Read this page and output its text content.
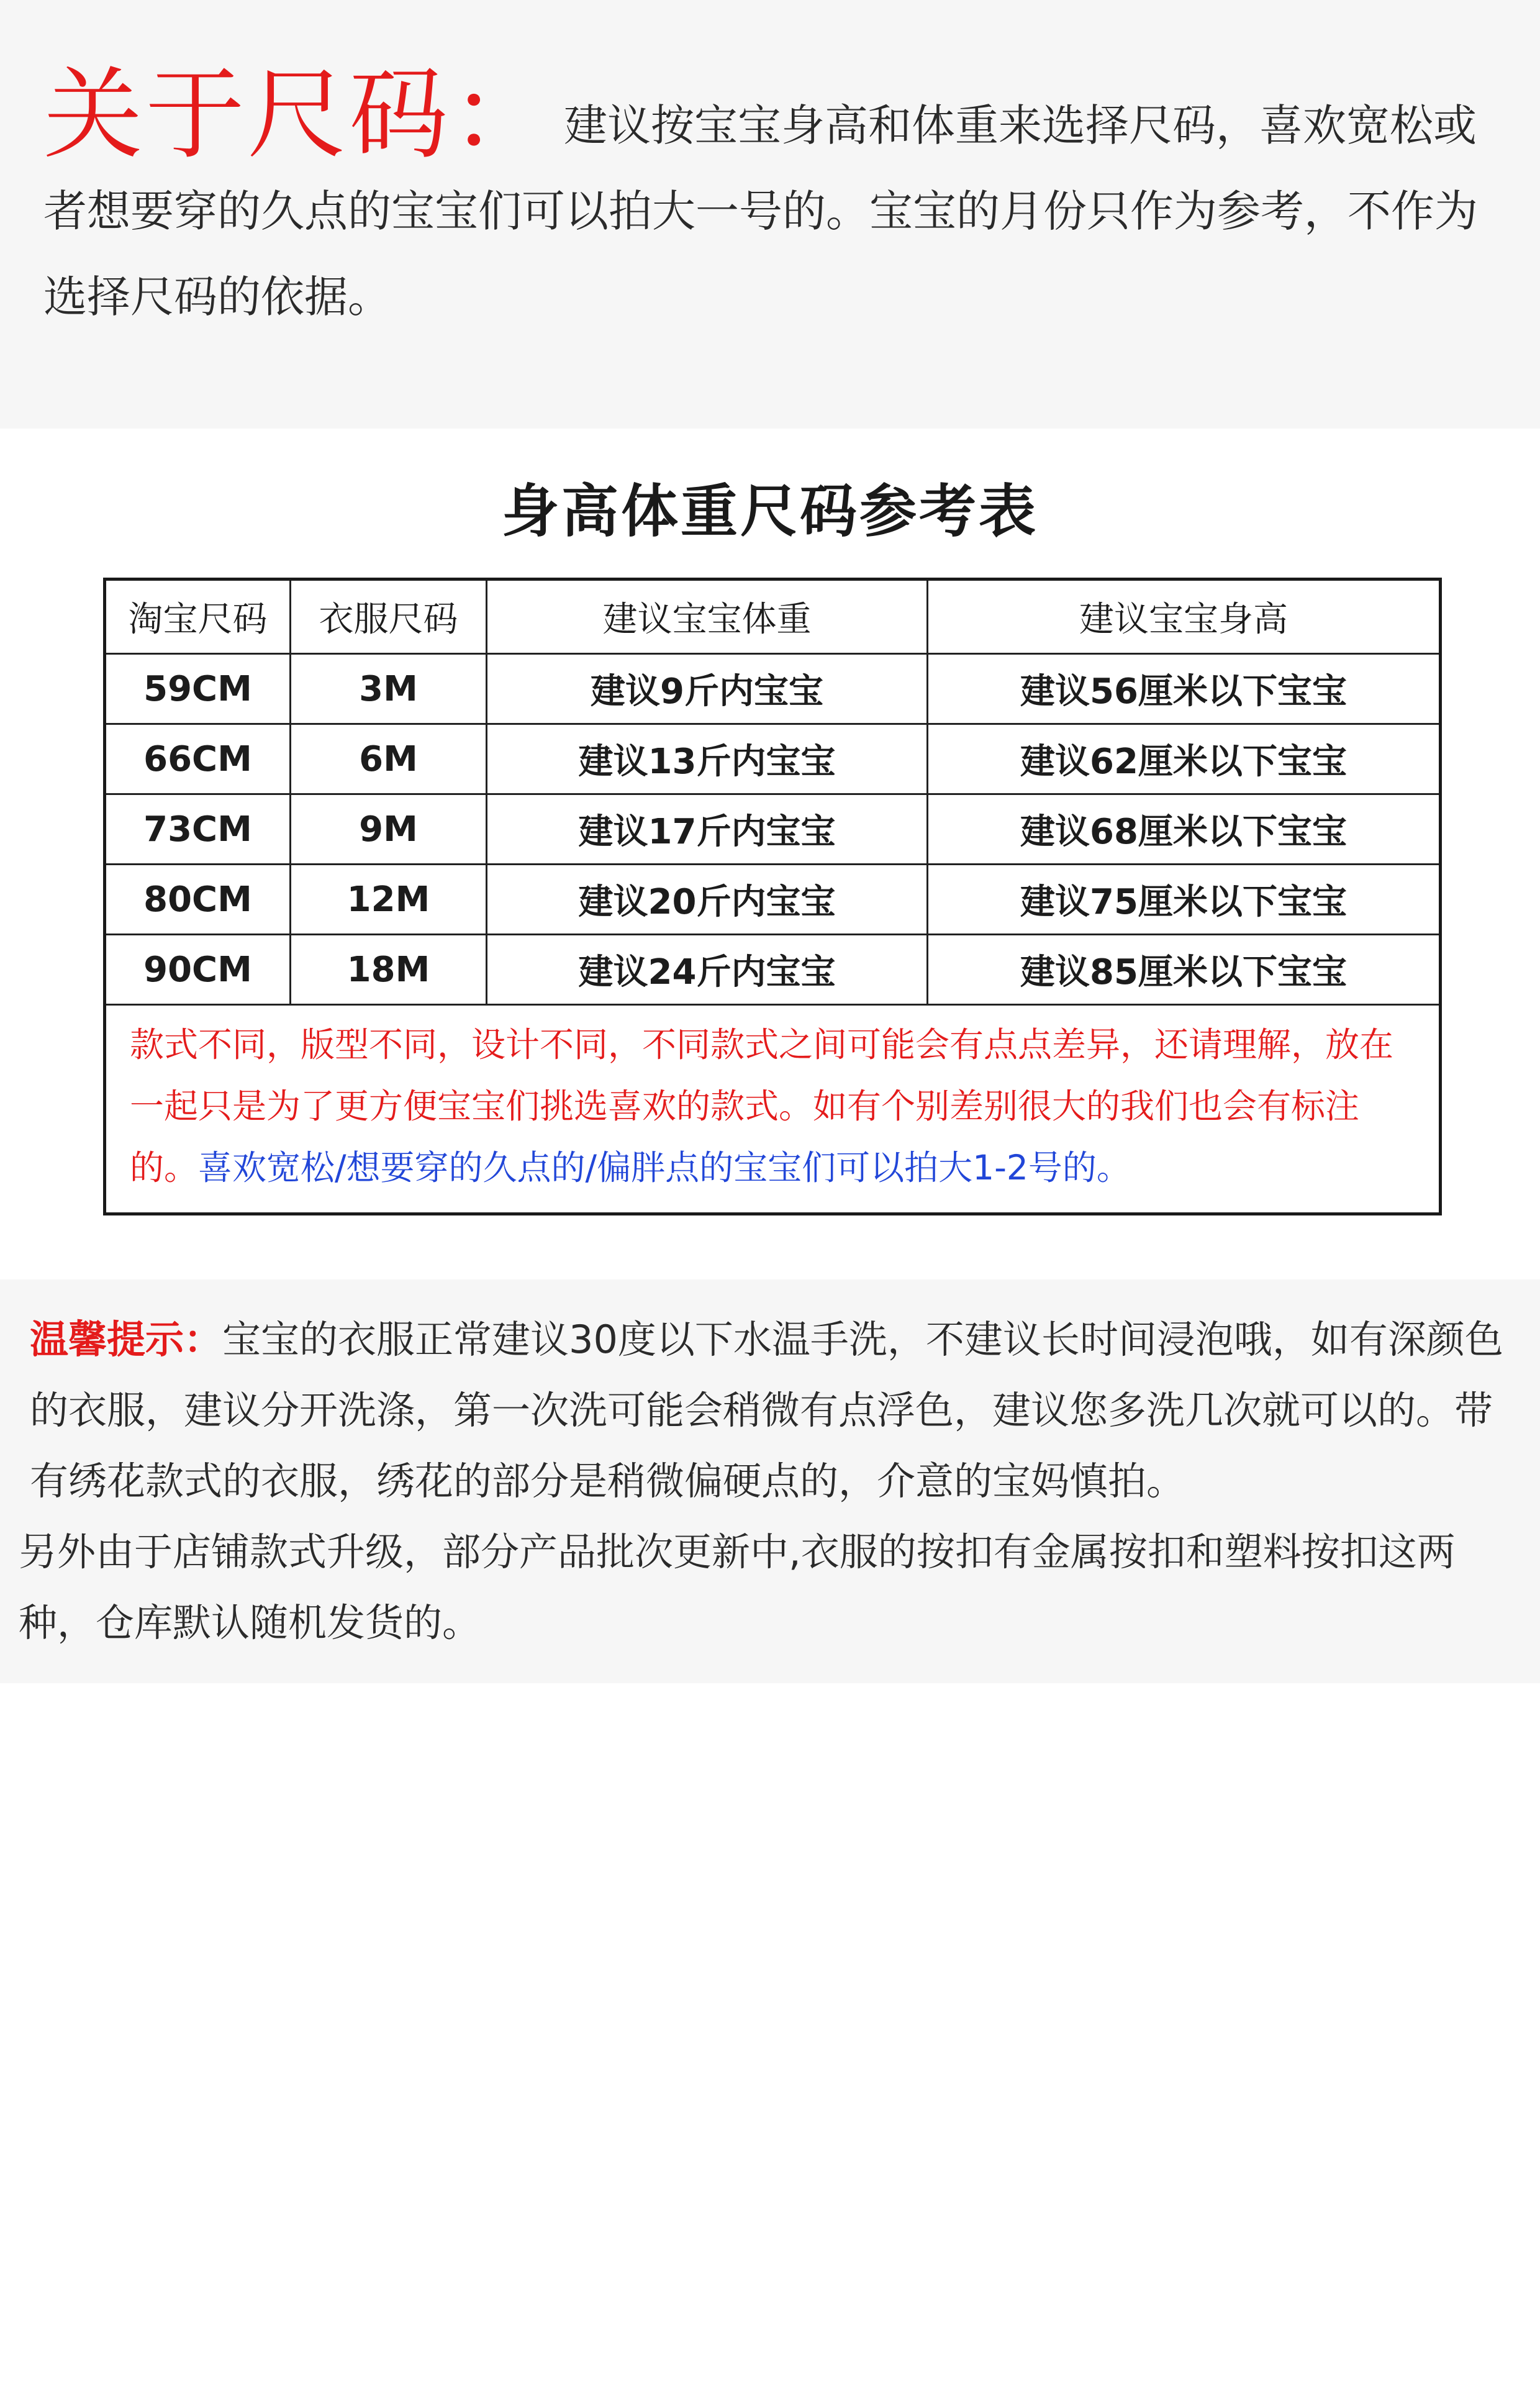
关于尺码： 建议按宝宝身高和体重来选择尺码，喜欢宽松或者想要穿的久点的宝宝们可以拍大一号的。宝宝的月份只作为参考，不作为选择尺码的依据。
身高体重尺码参考表
淘宝尺码	衣服尺码	建议宝宝体重	建议宝宝身高
59CM	3M	建议9斤内宝宝	建议56厘米以下宝宝
66CM	6M	建议13斤内宝宝	建议62厘米以下宝宝
73CM	9M	建议17斤内宝宝	建议68厘米以下宝宝
80CM	12M	建议20斤内宝宝	建议75厘米以下宝宝
90CM	18M	建议24斤内宝宝	建议85厘米以下宝宝
款式不同，版型不同，设计不同，不同款式之间可能会有点点差异，还请理解，放在一起只是为了更方便宝宝们挑选喜欢的款式。如有个别差别很大的我们也会有标注的。喜欢宽松/想要穿的久点的/偏胖点的宝宝们可以拍大1-2号的。
温馨提示：宝宝的衣服正常建议30度以下水温手洗，不建议长时间浸泡哦，如有深颜色的衣服，建议分开洗涤，第一次洗可能会稍微有点浮色，建议您多洗几次就可以的。带有绣花款式的衣服，绣花的部分是稍微偏硬点的，介意的宝妈慎拍。
另外由于店铺款式升级，部分产品批次更新中,衣服的按扣有金属按扣和塑料按扣这两种，仓库默认随机发货的。
